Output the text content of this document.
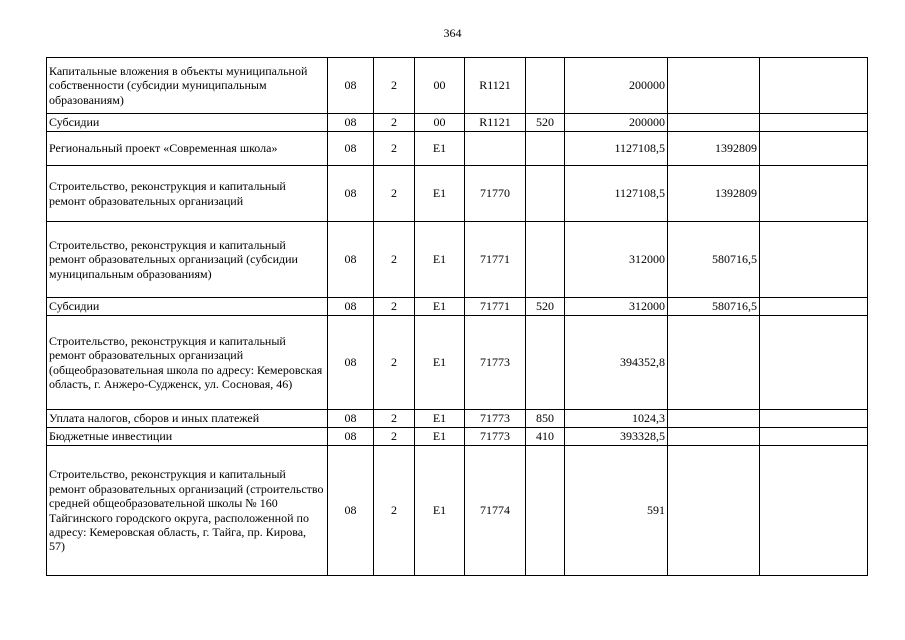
364
Капитальные вложения в объекты муниципальной собственности (субсидии муниципальным образованиям)	08	2	00	R1121		200000		
Субсидии	08	2	00	R1121	520	200000		
Региональный проект «Современная школа»	08	2	E1			1127108,5	1392809	
Строительство, реконструкция и капитальный ремонт образовательных организаций	08	2	E1	71770		1127108,5	1392809	
Строительство, реконструкция и капитальный ремонт образовательных организаций (субсидии муниципальным образованиям)	08	2	E1	71771		312000	580716,5	
Субсидии	08	2	E1	71771	520	312000	580716,5	
Строительство, реконструкция и капитальный ремонт образовательных организаций (общеобразовательная школа по адресу: Кемеровская область, г. Анжеро-Судженск, ул. Сосновая, 46)	08	2	E1	71773		394352,8		
Уплата налогов, сборов и иных платежей	08	2	E1	71773	850	1024,3		
Бюджетные инвестиции	08	2	E1	71773	410	393328,5		
Строительство, реконструкция и капитальный ремонт образовательных организаций (строительство средней общеобразовательной школы № 160 Тайгинского городского округа, расположенной по адресу: Кемеровская область, г. Тайга, пр. Кирова, 57)	08	2	E1	71774		591		
